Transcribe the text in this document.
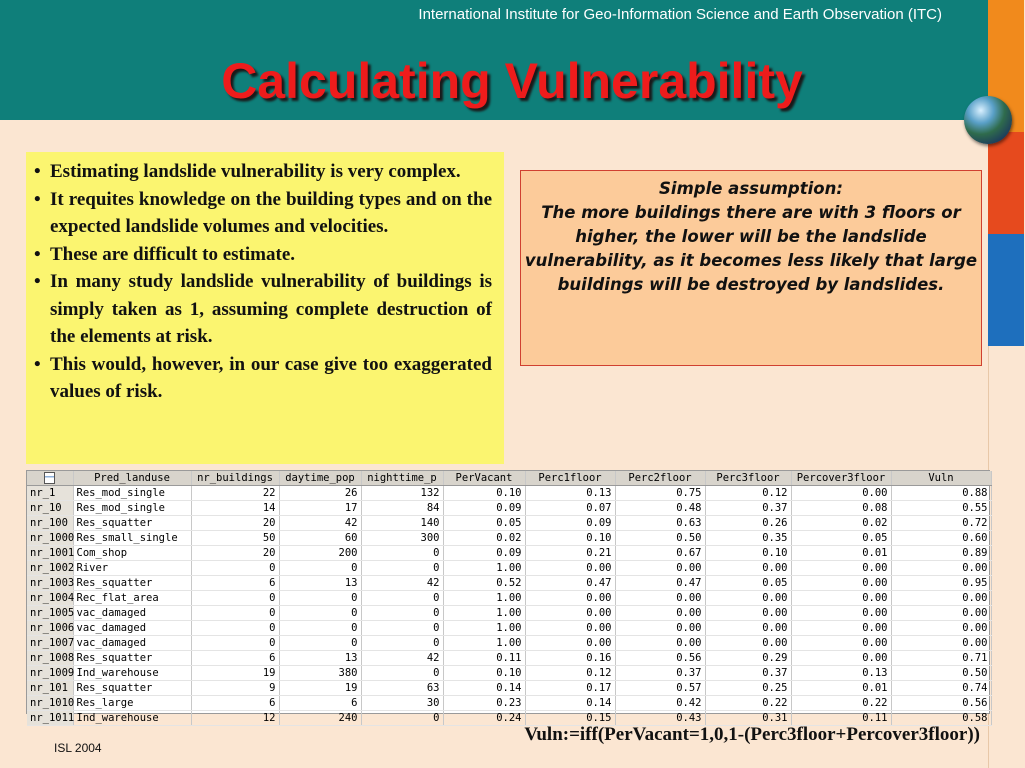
International Institute for Geo-Information Science and Earth Observation (ITC)
Calculating Vulnerability
• Estimating landslide vulnerability is very complex.
• It requites knowledge on the building types and on the expected landslide volumes and velocities.
• These are difficult to estimate.
• In many study landslide vulnerability of buildings is simply taken as 1, assuming complete destruction of the elements at risk.
• This would, however, in our case give too exaggerated values of risk.
Simple assumption:
The more buildings there are with 3 floors or higher, the lower will be the landslide vulnerability, as it becomes less likely that large buildings will be destroyed by landslides.
	Pred_landuse	nr_buildings	daytime_pop	nighttime_p	PerVacant	Perc1floor	Perc2floor	Perc3floor	Percover3floor	Vuln
nr_1	Res_mod_single	22	26	132	0.10	0.13	0.75	0.12	0.00	0.88
nr_10	Res_mod_single	14	17	84	0.09	0.07	0.48	0.37	0.08	0.55
nr_100	Res_squatter	20	42	140	0.05	0.09	0.63	0.26	0.02	0.72
nr_1000	Res_small_single	50	60	300	0.02	0.10	0.50	0.35	0.05	0.60
nr_1001	Com_shop	20	200	0	0.09	0.21	0.67	0.10	0.01	0.89
nr_1002	River	0	0	0	1.00	0.00	0.00	0.00	0.00	0.00
nr_1003	Res_squatter	6	13	42	0.52	0.47	0.47	0.05	0.00	0.95
nr_1004	Rec_flat_area	0	0	0	1.00	0.00	0.00	0.00	0.00	0.00
nr_1005	vac_damaged	0	0	0	1.00	0.00	0.00	0.00	0.00	0.00
nr_1006	vac_damaged	0	0	0	1.00	0.00	0.00	0.00	0.00	0.00
nr_1007	vac_damaged	0	0	0	1.00	0.00	0.00	0.00	0.00	0.00
nr_1008	Res_squatter	6	13	42	0.11	0.16	0.56	0.29	0.00	0.71
nr_1009	Ind_warehouse	19	380	0	0.10	0.12	0.37	0.37	0.13	0.50
nr_101	Res_squatter	9	19	63	0.14	0.17	0.57	0.25	0.01	0.74
nr_1010	Res_large	6	6	30	0.23	0.14	0.42	0.22	0.22	0.56
nr_1011	Ind_warehouse	12	240	0	0.24	0.15	0.43	0.31	0.11	0.58
Vuln:=iff(PerVacant=1,0,1-(Perc3floor+Percover3floor))
ISL 2004
